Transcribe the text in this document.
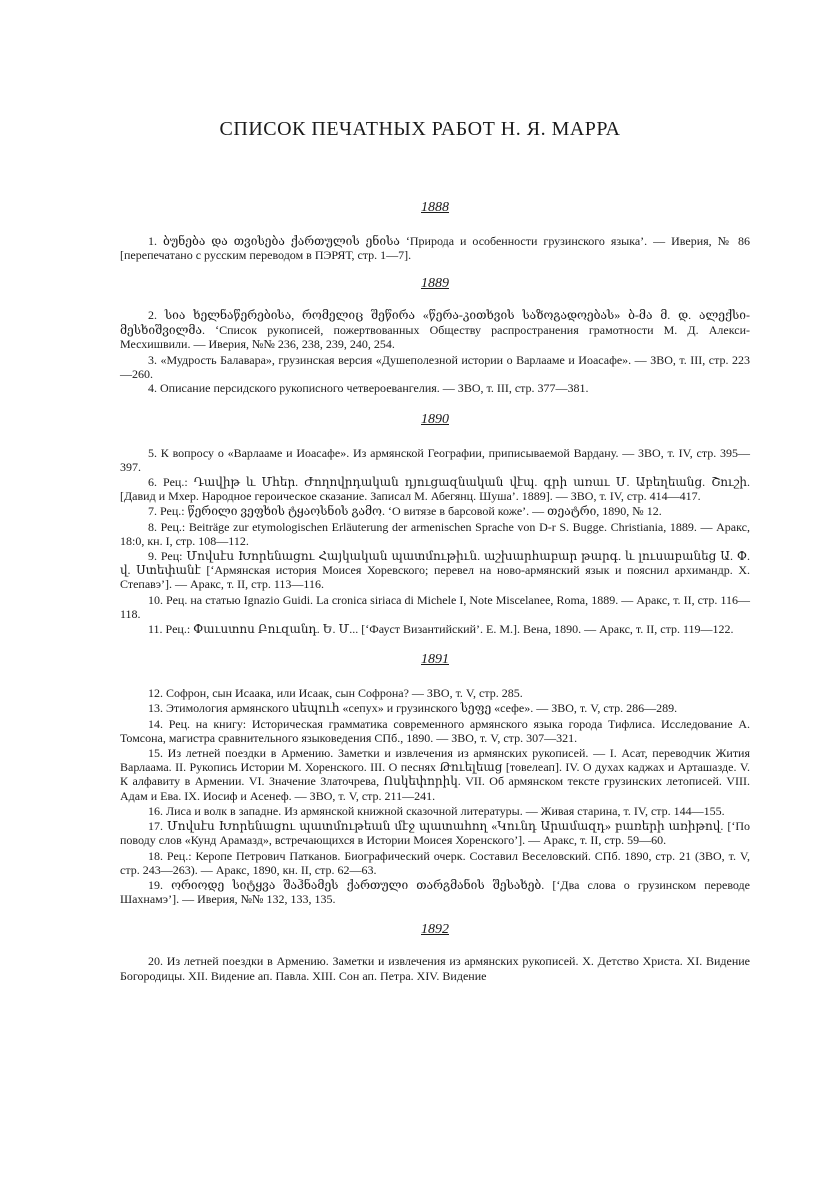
СПИСОК ПЕЧАТНЫХ РАБОТ Н. Я. МАРРА

1888

1. ბუნება და თვისება ქართულის ენისა ‘Природа и особенности грузинского языка’. — Иверия, № 86 [перепечатано с русским переводом в ПЭРЯТ, стр. 1—7].

1889

2. სია ხელნაწერებისა, რომელიც შეწირა «წერა-კითხვის საზოგადოებას» ბ-მა მ. დ. ალექსი-მესხიშვილმა. ‘Список рукописей, пожертвованных Обществу распространения грамотности М. Д. Алекси-Месхишвили. — Иверия, №№ 236, 238, 239, 240, 254.

3. «Мудрость Балавара», грузинская версия «Душеполезной истории о Варлааме и Иоасафе». — ЗВО, т. III, стр. 223—260.

4. Описание персидского рукописного четвероевангелия. — ЗВО, т. III, стр. 377—381.

1890

5. К вопросу о «Варлааме и Иоасафе». Из армянской Географии, приписываемой Вардану. — ЗВО, т. IV, стр. 395—397.

6. Рец.: Դավիթ և Մհեր. Ժողովրդական դյուցազնական վէպ. գրի առաւ Մ. Աբեղեանց. Շուշի. [Давид и Мхер. Народное героическое сказание. Записал М. Абегянц. Шуша’. 1889]. — ЗВО, т. IV, стр. 414—417.

7. Рец.: წერილი ვეფხის ტყაოსნის გამო. ‘О витязе в барсовой коже’. — თეატრი, 1890, № 12.

8. Рец.: Beiträge zur etymologischen Erläuterung der armenischen Sprache von D-r S. Bugge. Christiania, 1889. — Аракс, 18:0, кн. I, стр. 108—112.

9. Рец: Մովսէս Խորենացու Հայկական պատմութիւն. աշխարհաբար թարգ. և լուսաբանեց Ա. Փ. վ. Ստեփանէ [‘Армянская история Моисея Хоревского; перевел на ново-армянский язык и пояснил архимандр. Х. Степавэ’]. — Аракс, т. II, стр. 113—116.

10. Рец. на статью Ignazio Guidi. La cronica siriaca di Michele I, Note Miscelanee, Roma, 1889. — Аракс, т. II, стр. 116—118.

11. Рец.: Փաւստոս Բուզանդ. Ե. Մ... [‘Фауст Византийский’. Е. М.]. Вена, 1890. — Аракс, т. II, стр. 119—122.

1891

12. Софрон, сын Исаака, или Исаак, сын Софрона? — ЗВО, т. V, стр. 285.

13. Этимология армянского սեպուհ «сепух» и грузинского სეფე «сефе». — ЗВО, т. V, стр. 286—289.

14. Рец. на книгу: Историческая грамматика современного армянского языка города Тифлиса. Исследование А. Томсона, магистра сравнительного языковедения СПб., 1890. — ЗВО, т. V, стр. 307—321.

15. Из летней поездки в Армению. Заметки и извлечения из армянских рукописей. — I. Асат, переводчик Жития Варлаама. II. Рукопись Истории М. Хоренского. III. О песнях Թուելեաց [товелеап]. IV. О духах каджах и Арташазде. V. К алфавиту в Армении. VI. Значение Златочрева, Ոսկեփորիկ. VII. Об армянском тексте грузинских летописей. VIII. Адам и Ева. IX. Иосиф и Асенеф. — ЗВО, т. V, стр. 211—241.

16. Лиса и волк в западне. Из армянской книжной сказочной литературы. — Живая старина, т. IV, стр. 144—155.

17. Մովսէս Խորենացու պատմութեան մէջ պատահող «Կունդ Արամազդ» բառերի առիթով. [‘По поводу слов «Кунд Арамазд», встречающихся в Истории Моисея Хоренского’]. — Аракс, т. II, стр. 59—60.

18. Рец.: Керопе Петрович Патканов. Биографический очерк. Составил Веселовский. СПб. 1890, стр. 21 (ЗВО, т. V, стр. 243—263). — Аракс, 1890, кн. II, стр. 62—63.

19. ორიოდე სიტყვა შაჰნამეს ქართული თარგმანის შესახებ. [‘Два слова о грузинском переводе Шахнамэ’]. — Иверия, №№ 132, 133, 135.

1892

20. Из летней поездки в Армению. Заметки и извлечения из армянских рукописей. X. Детство Христа. XI. Видение Богородицы. XII. Видение ап. Павла. XIII. Сон ап. Петра. XIV. Видение
